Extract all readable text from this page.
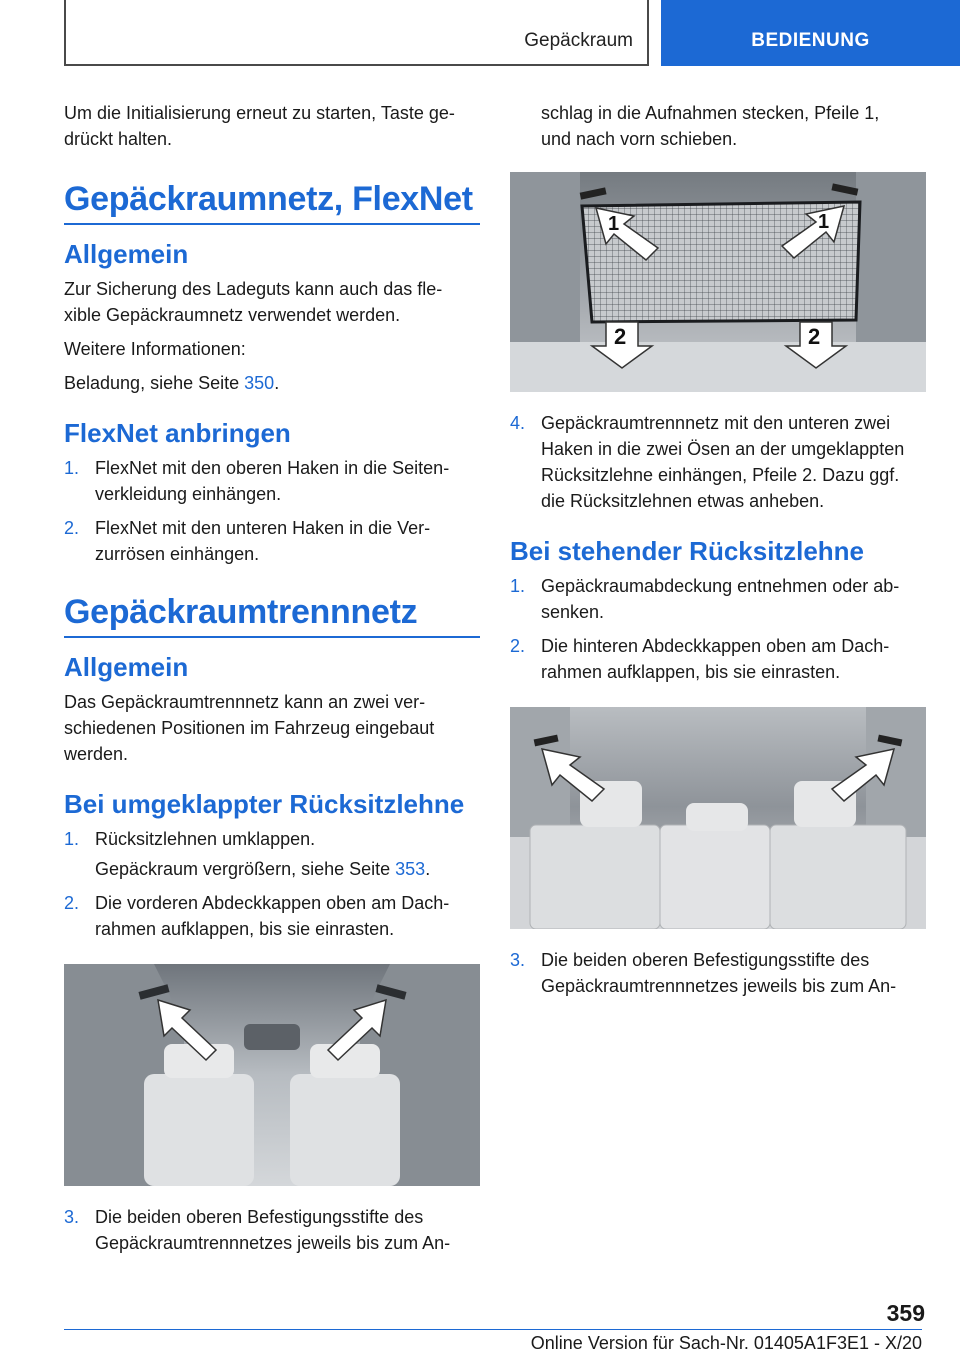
Gepäckraum	BEDIENUNG

Um die Initialisierung erneut zu starten, Taste ge-
drückt halten.

Gepäckraumnetz, FlexNet
Allgemein

Zur Sicherung des Ladeguts kann auch das fle-
xible Gepäckraumnetz verwendet werden.

Weitere Informationen:

Beladung, siehe Seite 350.

FlexNet anbringen
1. FlexNet mit den oberen Haken in die Seiten-
verkleidung einhängen.
2. FlexNet mit den unteren Haken in die Ver-
zurrösen einhängen.
Gepäckraumtrennnetz
Allgemein

Das Gepäckraumtrennnetz kann an zwei ver-
schiedenen Positionen im Fahrzeug eingebaut
werden.

Bei umgeklappter Rücksitzlehne
1. Rücksitzlehnen umklappen.
Gepäckraum vergrößern, siehe Seite 353.
2. Die vorderen Abdeckkappen oben am Dach-
rahmen aufklappen, bis sie einrasten.
3. Die beiden oberen Befestigungsstifte des
Gepäckraumtrennnetzes jeweils bis zum An-

schlag in die Aufnahmen stecken, Pfeile 1,
und nach vorn schieben.

1	1
2	2
4. Gepäckraumtrennnetz mit den unteren zwei
Haken in die zwei Ösen an der umgeklappten
Rücksitzlehne einhängen, Pfeile 2. Dazu ggf.
die Rücksitzlehnen etwas anheben.
Bei stehender Rücksitzlehne
1. Gepäckraumabdeckung entnehmen oder ab-
senken.
2. Die hinteren Abdeckkappen oben am Dach-
rahmen aufklappen, bis sie einrasten.
3. Die beiden oberen Befestigungsstifte des
Gepäckraumtrennnetzes jeweils bis zum An-
359
Online Version für Sach-Nr. 01405A1F3E1 - X/20
